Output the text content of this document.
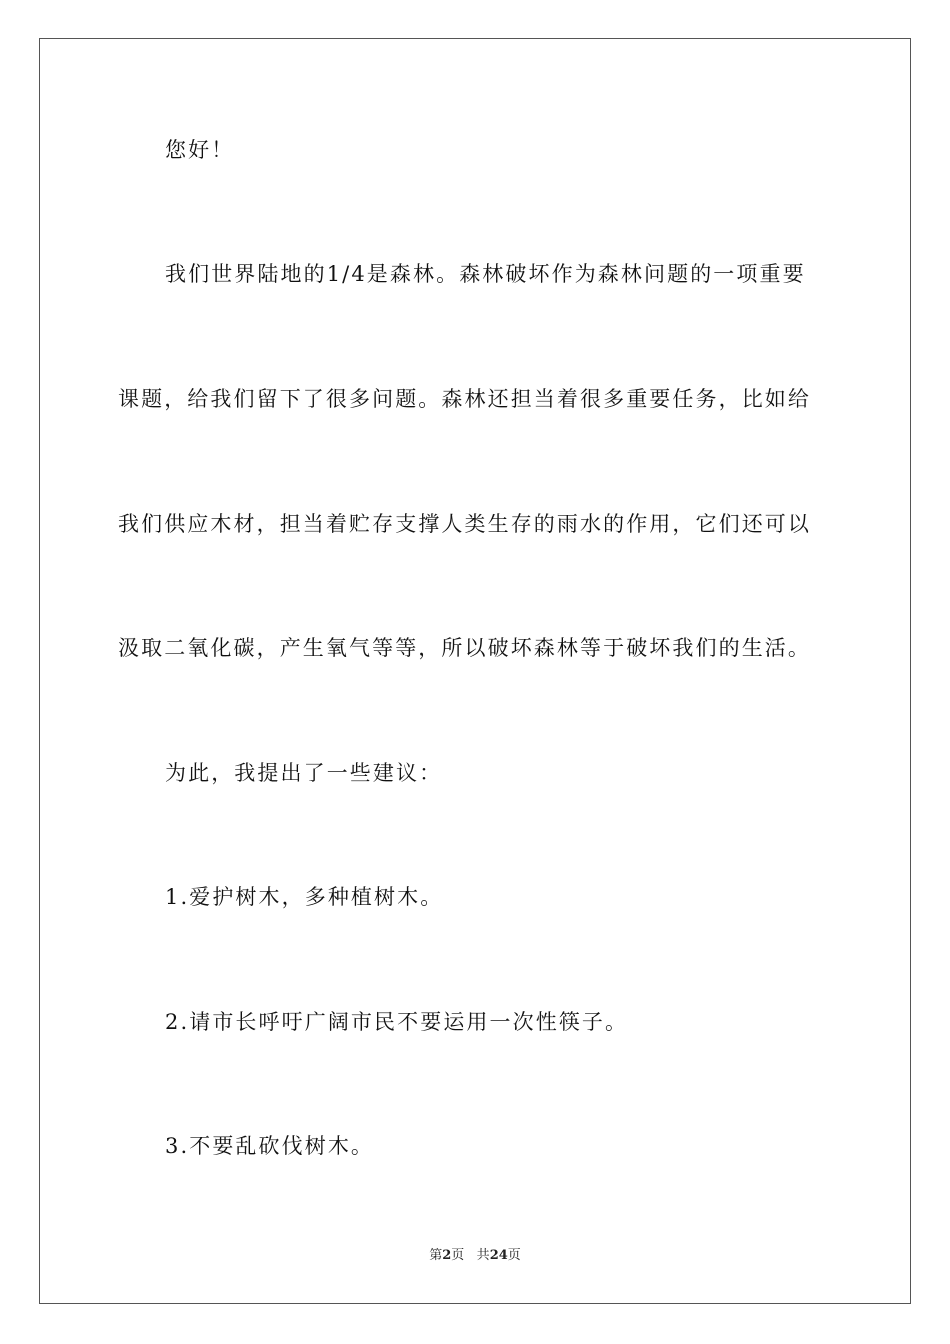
您好！
我们世界陆地的1/4是森林。森林破坏作为森林问题的一项重要
课题，给我们留下了很多问题。森林还担当着很多重要任务，比如给
我们供应木材，担当着贮存支撑人类生存的雨水的作用，它们还可以
汲取二氧化碳，产生氧气等等，所以破坏森林等于破坏我们的生活。
为此，我提出了一些建议：
1.爱护树木，多种植树木。
2.请市长呼吁广阔市民不要运用一次性筷子。
3.不要乱砍伐树木。
第2页 共24页
